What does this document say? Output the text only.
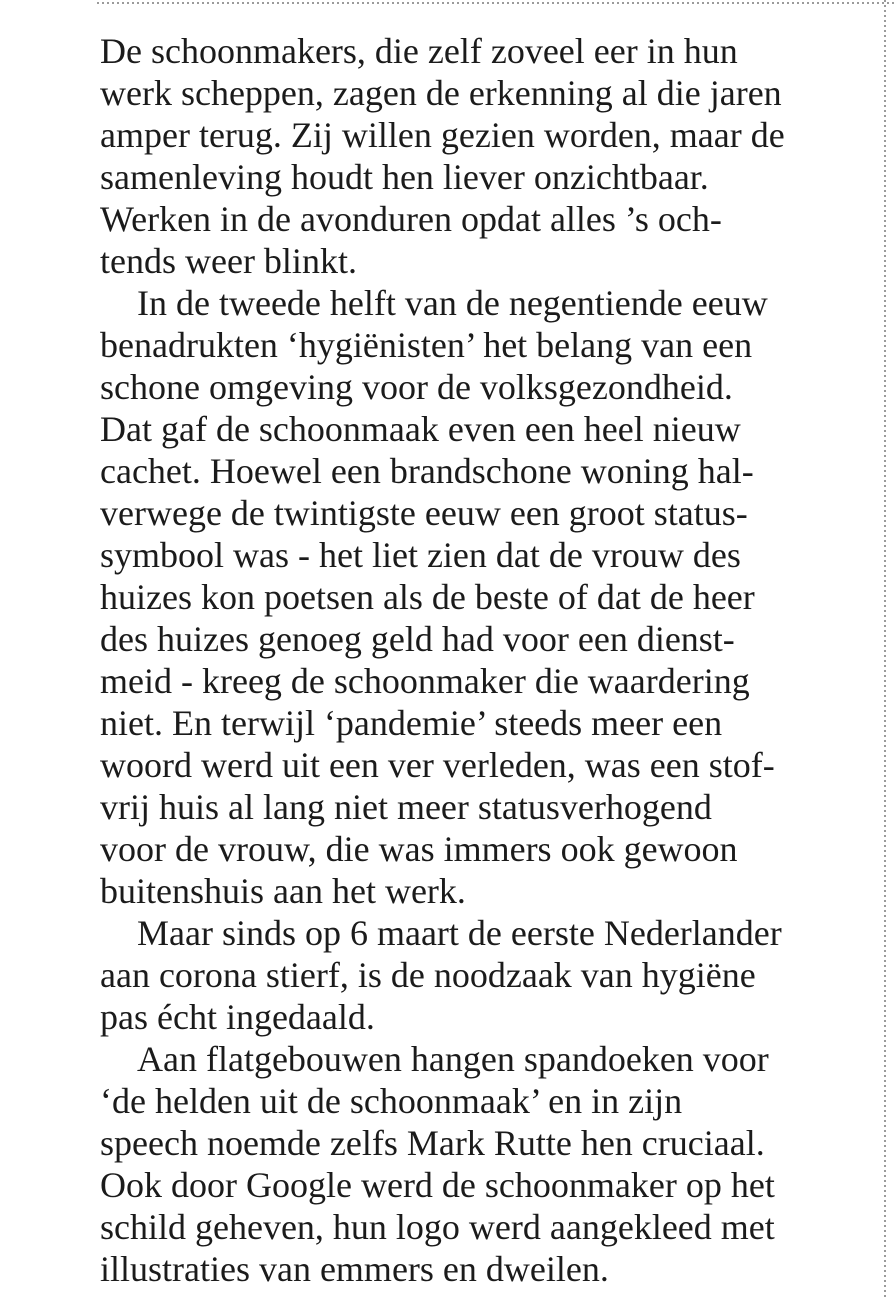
De schoonmakers, die zelf zoveel eer in hun
werk scheppen, zagen de erkenning al die jaren
amper terug. Zij willen gezien worden, maar de
samenleving houdt hen liever onzichtbaar.
Werken in de avonduren opdat alles ’s och-
tends weer blinkt.
In de tweede helft van de negentiende eeuw
benadrukten ‘hygiënisten’ het belang van een
schone omgeving voor de volksgezondheid.
Dat gaf de schoonmaak even een heel nieuw
cachet. Hoewel een brandschone woning hal-
verwege de twintigste eeuw een groot status-
symbool was - het liet zien dat de vrouw des
huizes kon poetsen als de beste of dat de heer
des huizes genoeg geld had voor een dienst-
meid - kreeg de schoonmaker die waardering
niet. En terwijl ‘pandemie’ steeds meer een
woord werd uit een ver verleden, was een stof-
vrij huis al lang niet meer statusverhogend
voor de vrouw, die was immers ook gewoon
buitenshuis aan het werk.
Maar sinds op 6 maart de eerste Nederlander
aan corona stierf, is de noodzaak van hygiëne
pas écht ingedaald.
Aan flatgebouwen hangen spandoeken voor
‘de helden uit de schoonmaak’ en in zijn
speech noemde zelfs Mark Rutte hen cruciaal.
Ook door Google werd de schoonmaker op het
schild geheven, hun logo werd aangekleed met
illustraties van emmers en dweilen.
